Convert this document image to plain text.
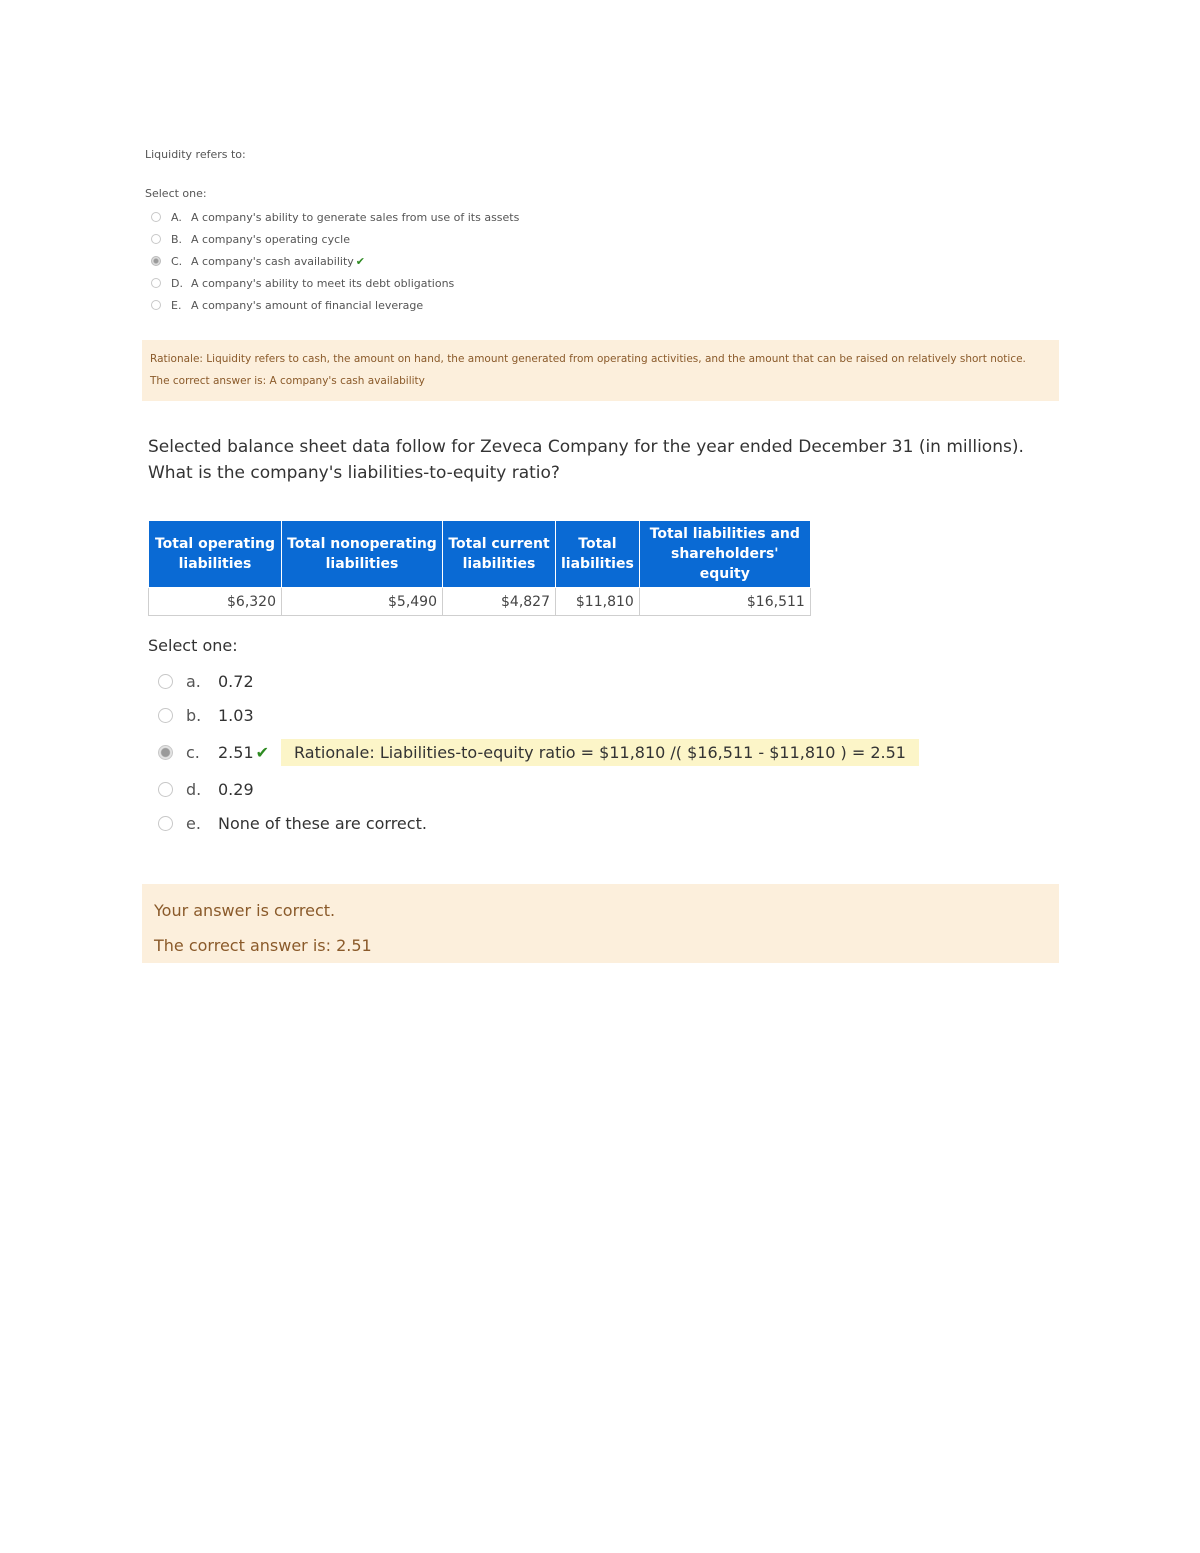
Liquidity refers to:
Select one:
A. A company's ability to generate sales from use of its assets
B. A company's operating cycle
C. A company's cash availability ✔
D. A company's ability to meet its debt obligations
E. A company's amount of financial leverage
Rationale: Liquidity refers to cash, the amount on hand, the amount generated from operating activities, and the amount that can be raised on relatively short notice.
The correct answer is: A company's cash availability
Selected balance sheet data follow for Zeveca Company for the year ended December 31 (in millions).
What is the company's liabilities-to-equity ratio?
Total operating
liabilities	Total nonoperating
liabilities	Total current
liabilities	Total
liabilities	Total liabilities and
shareholders' equity
$6,320	$5,490	$4,827	$11,810	$16,511
Select one:
a.	0.72
b.	1.03
c.	2.51 ✔	Rationale: Liabilities-to-equity ratio = $11,810 /( $16,511 - $11,810 ) = 2.51
d.	0.29
e.	None of these are correct.
Your answer is correct.
The correct answer is: 2.51
